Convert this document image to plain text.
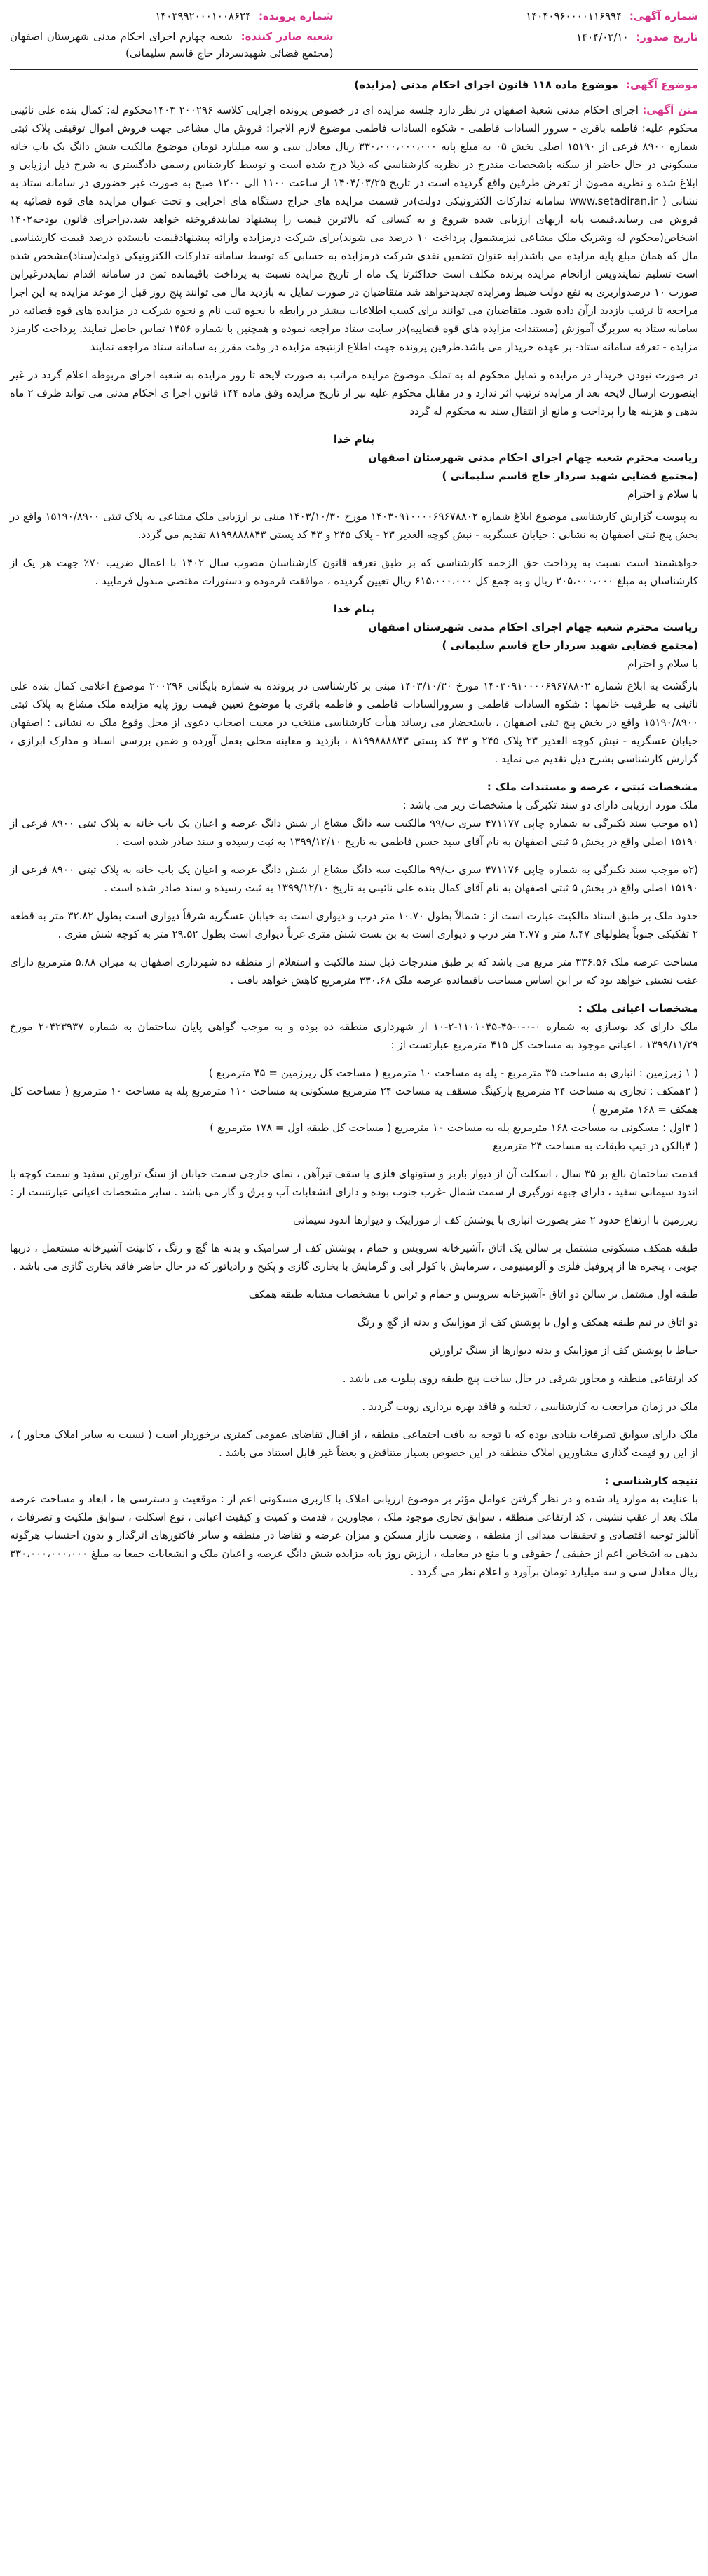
شماره آگهی: ۱۴۰۴۰۹۶۰۰۰۰۱۱۶۹۹۴
تاریخ صدور: ۱۴۰۴/۰۳/۱۰
شماره پرونده: ۱۴۰۳۹۹۲۰۰۰۱۰۰۸۶۲۴
شعبه صادر کننده: شعبه چهارم اجرای احکام مدنی شهرستان اصفهان (مجتمع قضائی شهیدسردار حاج قاسم سلیمانی)
موضوع آگهی: موضوع ماده ۱۱۸ قانون اجرای احکام مدنی (مزایده)

متن آگهی: اجرای احکام مدنی شعبهٔ اصفهان در نظر دارد جلسه مزایده ای در خصوص پرونده اجرایی کلاسه ۲۰۰۲۹۶ ۱۴۰۳محکوم له: کمال بنده علی نائینی محکوم علیه: فاطمه باقری - سرور السادات فاطمی - شکوه السادات فاطمی موضوع لازم الاجرا: فروش مال مشاعی جهت فروش اموال توقیفی پلاک ثبتی شماره ۸۹۰۰ فرعی از ۱۵۱۹۰ اصلی بخش ۰۵ به مبلغ پایه ۳۳۰،۰۰۰،۰۰۰،۰۰۰ ریال معادل سی و سه میلیارد تومان موضوع مالکیت شش دانگ یک باب خانه مسکونی در حال حاضر از سکنه باشخصات مندرج در نظریه کارشناسی که ذیلا درج شده است و توسط کارشناس رسمی دادگستری به شرح ذیل ارزیابی و ابلاغ شده و نظریه مصون از تعرض طرفین واقع گردیده است در تاریخ ۱۴۰۴/۰۳/۲۵ از ساعت ۱۱۰۰ الی ۱۲۰۰ صبح به صورت غیر حضوری در سامانه ستاد به نشانی ( www.setadiran.ir سامانه تدارکات الکترونیکی دولت)در قسمت مزایده های حراج دستگاه های اجرایی و تحت عنوان مزایده های قوه قضائیه به فروش می رساند.قیمت پایه ازبهای ارزیابی شده شروع و به کسانی که بالاترین قیمت را پیشنهاد نمایندفروخته خواهد شد.دراجرای قانون بودجه۱۴۰۲ اشخاص(محکوم له وشریک ملک مشاعی نیزمشمول پرداخت ۱۰ درصد می شوند)برای شرکت درمزایده وارائه پیشنهادقیمت بایستده درصد قیمت کارشناسی مال که همان مبلغ پایه مزایده می باشدرابه عنوان تضمین نقدی شرکت درمزایده به حسابی که توسط سامانه تدارکات الکترونیکی دولت(ستاد)مشخص شده است تسلیم نمایندوپس ازانجام مزایده برنده مکلف است حداکثرتا یک ماه از تاریخ مزایده نسبت به پرداخت باقیمانده ثمن در سامانه اقدام نمایددرغیراین صورت ۱۰ درصدواریزی به نفع دولت ضبط ومزایده تجدیدخواهد شد متقاضیان در صورت تمایل به بازدید مال می توانند پنج روز قبل از موعد مزایده به این اجرا مراجعه تا ترتیب بازدید ازآن داده شود. متقاضیان می توانند برای کسب اطلاعات بیشتر در رابطه با نحوه ثبت نام و نحوه شرکت در مزایده های قوه قضائیه در سامانه ستاد به سربرگ آموزش (مستندات مزایده های قوه قضاییه)در سایت ستاد مراجعه نموده و همچنین با شماره ۱۴۵۶ تماس حاصل نمایند. پرداخت کارمزد مزایده - تعرفه سامانه ستاد- بر عهده خریدار می باشد.طرفین پرونده جهت اطلاع ازنتیجه مزایده در وقت مقرر به سامانه ستاد مراجعه نمایند

در صورت نبودن خریدار در مزایده و تمایل محکوم له به تملک موضوع مزایده مراتب به صورت لایحه تا روز مزایده به شعبه اجرای مربوطه اعلام گردد در غیر اینصورت ارسال لایحه بعد از مزایده ترتیب اثر ندارد و در مقابل محکوم علیه نیز از تاریخ مزایده وفق ماده ۱۴۴ قانون اجرا ی احکام مدنی می تواند ظرف ۲ ماه بدهی و هزینه ها را پرداخت و مانع از انتقال سند به محکوم له گردد

بنام خدا
ریاست محترم شعبه چهام اجرای احکام مدنی شهرستان اصفهان
(مجتمع قضایی شهید سردار حاج قاسم سلیمانی )
با سلام و احترام

به پیوست گزارش کارشناسی موضوع ابلاغ شماره ۱۴۰۳۰۹۱۰۰۰۰۶۹۶۷۸۸۰۲ مورخ ۱۴۰۳/۱۰/۳۰ مبنی بر ارزیابی ملک مشاعی به پلاک ثبتی ۱۵۱۹۰/۸۹۰۰ واقع در بخش پنج ثبتی اصفهان به نشانی : خیابان عسگریه - نبش کوچه الغدیر ۲۳ - پلاک ۲۴۵ و ۴۳ کد پستی ۸۱۹۹۸۸۸۸۴۳ تقدیم می گردد.

خواهشمند است نسبت به پرداخت حق الزحمه کارشناسی که بر طبق تعرفه قانون کارشناسان مصوب سال ۱۴۰۲ با اعمال ضریب ۷۰٪ جهت هر یک از کارشناسان به مبلغ ۲۰۵،۰۰۰،۰۰۰ ریال و به جمع کل ۶۱۵،۰۰۰،۰۰۰ ریال تعیین گردیده ، موافقت فرموده و دستورات مقتضی مبذول فرمایید .

بنام خدا
ریاست محترم شعبه چهام اجرای احکام مدنی شهرستان اصفهان
(مجتمع قضایی شهید سردار حاج قاسم سلیمانی )
با سلام و احترام

بازگشت به ابلاغ شماره ۱۴۰۳۰۹۱۰۰۰۰۶۹۶۷۸۸۰۲ مورخ ۱۴۰۳/۱۰/۳۰ مبنی بر کارشناسی در پرونده به شماره بایگانی ۲۰۰۲۹۶ موضوع اعلامی کمال بنده علی نائینی به طرفیت خانمها : شکوه السادات فاطمی و سرورالسادات فاطمی و فاطمه باقری با موضوع تعیین قیمت روز پایه مزایده ملک مشاع به پلاک ثبتی ۱۵۱۹۰/۸۹۰۰ واقع در بخش پنج ثبتی اصفهان ، باستحضار می رساند هیأت کارشناسی منتخب در معیت اصحاب دعوی از محل وقوع ملک به نشانی : اصفهان خیابان عسگریه - نبش کوچه الغدیر ۲۳ پلاک ۲۴۵ و ۴۳ کد پستی ۸۱۹۹۸۸۸۸۴۳ ، بازدید و معاینه محلی بعمل آورده و ضمن بررسی اسناد و مدارک ابرازی ، گزارش کارشناسی بشرح ذیل تقدیم می نماید .

مشخصات ثبتی ، عرصه و مستندات ملک :
ملک مورد ارزیابی دارای دو سند تکبرگی با مشخصات زیر می باشد :

(۱ه موجب سند تکبرگی به شماره چاپی ۴۷۱۱۷۷ سری ب/۹۹ مالکیت سه دانگ مشاع از شش دانگ عرصه و اعیان یک باب خانه به پلاک ثبتی ۸۹۰۰ فرعی از ۱۵۱۹۰ اصلی واقع در بخش ۵ ثبتی اصفهان به نام آقای سید حسن فاطمی به تاریخ ۱۳۹۹/۱۲/۱۰ به ثبت رسیده و سند صادر شده است .

(۲ه موجب سند تکبرگی به شماره چاپی ۴۷۱۱۷۶ سری ب/۹۹ مالکیت سه دانگ مشاع از شش دانگ عرصه و اعیان یک باب خانه به پلاک ثبتی ۸۹۰۰ فرعی از ۱۵۱۹۰ اصلی واقع در بخش ۵ ثبتی اصفهان به نام آقای کمال بنده علی نائینی به تاریخ ۱۳۹۹/۱۲/۱۰ به ثبت رسیده و سند صادر شده است .

حدود ملک بر طبق اسناد مالکیت عبارت است از : شمالاً بطول ۱۰.۷۰ متر درب و دیواری است به خیابان عسگریه شرقاً دیواری است بطول ۳۲.۸۲ متر به قطعه ۲ تفکیکی جنوباً بطولهای ۸.۴۷ متر و ۲.۷۷ متر درب و دیواری است به بن بست شش متری غرباً دیواری است بطول ۲۹.۵۲ متر به کوچه شش متری .

مساحت عرصه ملک ۳۳۶.۵۶ متر مربع می باشد که بر طبق مندرجات ذیل سند مالکیت و استعلام از منطقه ده شهرداری اصفهان به میزان ۵.۸۸ مترمربع دارای عقب نشینی خواهد بود که بر این اساس مساحت باقیمانده عرصه ملک ۳۳۰.۶۸ مترمربع کاهش خواهد یافت .

مشخصات اعیانی ملک :

ملک دارای کد نوسازی به شماره ۰-۰-۰-۴۵-۱۱۰۱۰۴۵-۲-۱۰ از شهرداری منطقه ده بوده و به موجب گواهی پایان ساختمان به شماره ۲۰۴۲۳۹۳۷ مورخ ۱۳۹۹/۱۱/۲۹ ، اعیانی موجود به مساحت کل ۴۱۵ مترمربع عبارتست از :

( ۱ زیرزمین : انباری به مساحت ۳۵ مترمربع - پله به مساحت ۱۰ مترمربع ( مساحت کل زیرزمین = ۴۵ مترمربع )
( ۲همکف : تجاری به مساحت ۲۴ مترمربع پارکینگ مسقف به مساحت ۲۴ مترمربع مسکونی به مساحت ۱۱۰ مترمربع پله به مساحت ۱۰ مترمربع ( مساحت کل همکف = ۱۶۸ مترمربع )
( ۳اول : مسکونی به مساحت ۱۶۸ مترمربع پله به مساحت ۱۰ مترمربع ( مساحت کل طبقه اول = ۱۷۸ مترمربع )
( ۴بالکن در تیپ طبقات به مساحت ۲۴ مترمربع

قدمت ساختمان بالغ بر ۳۵ سال ، اسکلت آن از دیوار باربر و ستونهای فلزی با سقف تیرآهن ، نمای خارجی سمت خیابان از سنگ تراورتن سفید و سمت کوچه با اندود سیمانی سفید ، دارای جبهه نورگیری از سمت شمال -غرب جنوب بوده و دارای انشعابات آب و برق و گاز می باشد . سایر مشخصات اعیانی عبارتست از :

زیرزمین با ارتفاع حدود ۲ متر بصورت انباری با پوشش کف از موزاییک و دیوارها اندود سیمانی

طبقه همکف مسکونی مشتمل بر سالن یک اتاق ،آشپزخانه سرویس و حمام ، پوشش کف از سرامیک و بدنه ها گچ و رنگ ، کابینت آشپزخانه مستعمل ، دربها چوبی ، پنجره ها از پروفیل فلزی و آلومینیومی ، سرمایش با کولر آبی و گرمایش با بخاری گازی و پکیج و رادیاتور که در حال حاضر فاقد بخاری گازی می باشد .

طبقه اول مشتمل بر سالن دو اتاق -آشپزخانه سرویس و حمام و تراس با مشخصات مشابه طبقه همکف

دو اتاق در نیم طبقه همکف و اول با پوشش کف از موزاییک و بدنه از گچ و رنگ

حیاط با پوشش کف از موزاییک و بدنه دیوارها از سنگ تراورتن

کد ارتفاعی منطقه و مجاور شرقی در حال ساخت پنج طبقه روی پیلوت می باشد .

ملک در زمان مراجعت به کارشناسی ، تخلیه و فاقد بهره برداری رویت گردید .

ملک دارای سوابق تصرفات بنیادی بوده که با توجه به بافت اجتماعی منطقه ، از اقبال تقاضای عمومی کمتری برخوردار است ( نسبت به سایر املاک مجاور ) ، از این رو قیمت گذاری مشاورین املاک منطقه در این خصوص بسیار متناقض و بعضاً غیر قابل استناد می باشد .

نتیجه کارشناسی :

با عنایت به موارد یاد شده و در نظر گرفتن عوامل مؤثر بر موضوع ارزیابی املاک با کاربری مسکونی اعم از : موقعیت و دسترسی ها ، ابعاد و مساحت عرصه ملک بعد از عقب نشینی ، کد ارتفاعی منطقه ، سوابق تجاری موجود ملک ، مجاورین ، قدمت و کمیت و کیفیت اعیانی ، نوع اسکلت ، سوابق ملکیت و تصرفات ، آنالیز توجیه اقتصادی و تحقیقات میدانی از منطقه ، وضعیت بازار مسکن و میزان عرضه و تقاضا در منطقه و سایر فاکتورهای اثرگذار و بدون احتساب هرگونه بدهی به اشخاص اعم از حقیقی / حقوقی و یا منع در معامله ، ارزش روز پایه مزایده شش دانگ عرصه و اعیان ملک و انشعابات جمعا به مبلغ ۳۳۰،۰۰۰،۰۰۰،۰۰۰ ریال معادل سی و سه میلیارد تومان برآورد و اعلام نظر می گردد .
